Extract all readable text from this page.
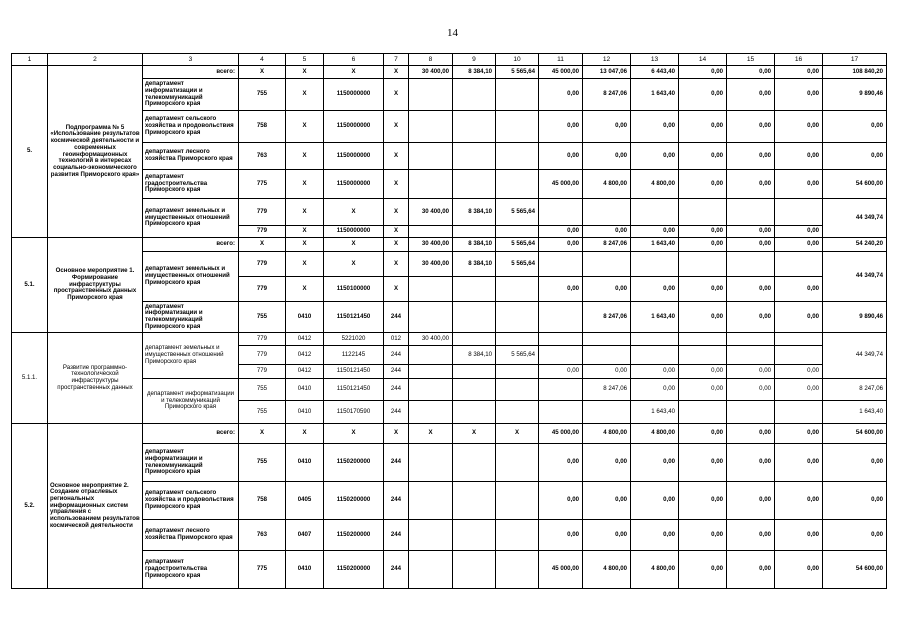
14
1	2	3	4	5	6	7	8	9	10	11	12	13	14	15	16	17
5.	Подпрограмма № 5 «Использование результатов космической деятельности и современных геоинформационных технологий в интересах социально-экономического развития Приморского края»	всего:	Х	Х	Х	Х	30 400,00	8 384,10	5 565,64	45 000,00	13 047,06	6 443,40	0,00	0,00	0,00	108 840,20
		департамент информатизации и телекоммуникаций Приморского края	755	Х	1150000000	Х				0,00	8 247,06	1 643,40	0,00	0,00	0,00	9 890,46
		департамент сельского хозяйства и продовольствия Приморского края	758	Х	1150000000	Х				0,00	0,00	0,00	0,00	0,00	0,00	0,00
		департамент лесного хозяйства Приморского края	763	Х	1150000000	Х				0,00	0,00	0,00	0,00	0,00	0,00	0,00
		департамент градостроительства Приморского края	775	Х	1150000000	Х				45 000,00	4 800,00	4 800,00	0,00	0,00	0,00	54 600,00
		департамент земельных и имущественных отношений Приморского края	779	Х	Х	Х	30 400,00	8 384,10	5 565,64							44 349,74
			779	Х	1150000000	Х				0,00	0,00	0,00	0,00	0,00	0,00	
5.1.	Основное мероприятие 1. Формирование инфраструктуры пространственных данных Приморского края	всего:	Х	Х	Х	Х	30 400,00	8 384,10	5 565,64	0,00	8 247,06	1 643,40	0,00	0,00	0,00	54 240,20
		департамент земельных и имущественных отношений Приморского края	779	Х	Х	Х	30 400,00	8 384,10	5 565,64							44 349,74
			779	Х	1150100000	Х				0,00	0,00	0,00	0,00	0,00	0,00	
		департамент информатизации и телекоммуникаций Приморского края	755	0410	1150121450	244					8 247,06	1 643,40	0,00	0,00	0,00	9 890,46
5.1.1.	Развитие программно-технологической инфраструктуры пространственных данных	департамент земельных и имущественных отношений Приморского края	779	0412	5221020	012	30 400,00									44 349,74
			779	0412	1122145	244		8 384,10	5 565,64							
			779	0412	1150121450	244				0,00	0,00	0,00	0,00	0,00	0,00	
		департамент информатизации и телекоммуникаций Приморского края	755	0410	1150121450	244					8 247,06	0,00	0,00	0,00	0,00	8 247,06
			755	0410	1150170590	244						1 643,40				1 643,40
5.2.	Основное мероприятие 2. Создание отраслевых региональных информационных систем управления с использованием результатов космической деятельности	всего:	Х	Х	Х	Х	Х	Х	Х	45 000,00	4 800,00	4 800,00	0,00	0,00	0,00	54 600,00
		департамент информатизации и телекоммуникаций Приморского края	755	0410	1150200000	244				0,00	0,00	0,00	0,00	0,00	0,00	0,00
		департамент сельского хозяйства и продовольствия Приморского края	758	0405	1150200000	244				0,00	0,00	0,00	0,00	0,00	0,00	0,00
		департамент лесного хозяйства Приморского края	763	0407	1150200000	244				0,00	0,00	0,00	0,00	0,00	0,00	0,00
		департамент градостроительства Приморского края	775	0410	1150200000	244				45 000,00	4 800,00	4 800,00	0,00	0,00	0,00	54 600,00
